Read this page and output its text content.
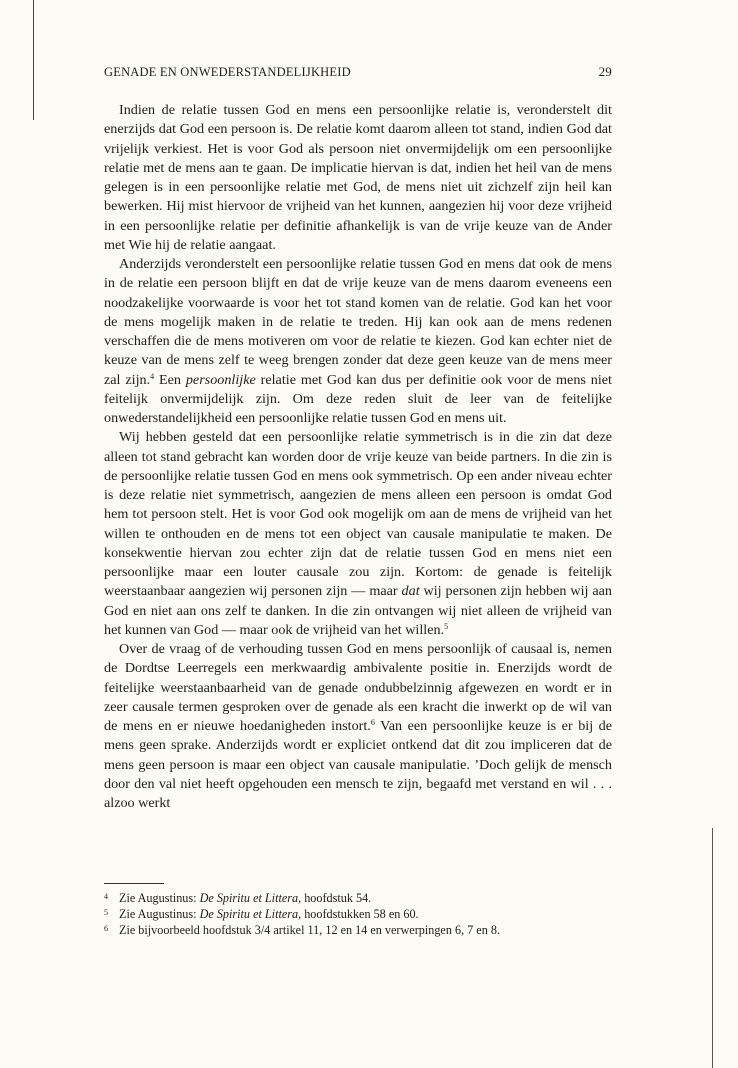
GENADE EN ONWEDERSTANDELIJKHEID	29

Indien de relatie tussen God en mens een persoonlijke relatie is, veronderstelt dit enerzijds dat God een persoon is. De relatie komt daarom alleen tot stand, indien God dat vrijelijk verkiest. Het is voor God als persoon niet onvermijdelijk om een persoonlijke relatie met de mens aan te gaan. De implicatie hiervan is dat, indien het heil van de mens gelegen is in een persoonlijke relatie met God, de mens niet uit zichzelf zijn heil kan bewerken. Hij mist hiervoor de vrijheid van het kunnen, aangezien hij voor deze vrijheid in een persoonlijke relatie per definitie afhankelijk is van de vrije keuze van de Ander met Wie hij de relatie aangaat.

Anderzijds veronderstelt een persoonlijke relatie tussen God en mens dat ook de mens in de relatie een persoon blijft en dat de vrije keuze van de mens daarom eveneens een noodzakelijke voorwaarde is voor het tot stand komen van de relatie. God kan het voor de mens mogelijk maken in de relatie te treden. Hij kan ook aan de mens redenen verschaffen die de mens motiveren om voor de relatie te kiezen. God kan echter niet de keuze van de mens zelf te weeg brengen zonder dat deze geen keuze van de mens meer zal zijn.$^4$ Een persoonlijke relatie met God kan dus per definitie ook voor de mens niet feitelijk onvermijdelijk zijn. Om deze reden sluit de leer van de feitelijke onwederstandelijkheid een persoonlijke relatie tussen God en mens uit.

Wij hebben gesteld dat een persoonlijke relatie symmetrisch is in die zin dat deze alleen tot stand gebracht kan worden door de vrije keuze van beide partners. In die zin is de persoonlijke relatie tussen God en mens ook symmetrisch. Op een ander niveau echter is deze relatie niet symmetrisch, aangezien de mens alleen een persoon is omdat God hem tot persoon stelt. Het is voor God ook mogelijk om aan de mens de vrijheid van het willen te onthouden en de mens tot een object van causale manipulatie te maken. De konsekwentie hiervan zou echter zijn dat de relatie tussen God en mens niet een persoonlijke maar een louter causale zou zijn. Kortom: de genade is feitelijk weerstaanbaar aangezien wij personen zijn — maar dat wij personen zijn hebben wij aan God en niet aan ons zelf te danken. In die zin ontvangen wij niet alleen de vrijheid van het kunnen van God — maar ook de vrijheid van het willen.$^5$

Over de vraag of de verhouding tussen God en mens persoonlijk of causaal is, nemen de Dordtse Leerregels een merkwaardig ambivalente positie in. Enerzijds wordt de feitelijke weerstaanbaarheid van de genade ondubbelzinnig afgewezen en wordt er in zeer causale termen gesproken over de genade als een kracht die inwerkt op de wil van de mens en er nieuwe hoedanigheden instort.$^6$ Van een persoonlijke keuze is er bij de mens geen sprake. Anderzijds wordt er expliciet ontkend dat dit zou impliceren dat de mens geen persoon is maar een object van causale manipulatie. ’Doch gelijk de mensch door den val niet heeft opgehouden een mensch te zijn, begaafd met verstand en wil . . . alzoo werkt

4 Zie Augustinus: De Spiritu et Littera, hoofdstuk 54.
5 Zie Augustinus: De Spiritu et Littera, hoofdstukken 58 en 60.
6 Zie bijvoorbeeld hoofdstuk 3/4 artikel 11, 12 en 14 en verwerpingen 6, 7 en 8.
